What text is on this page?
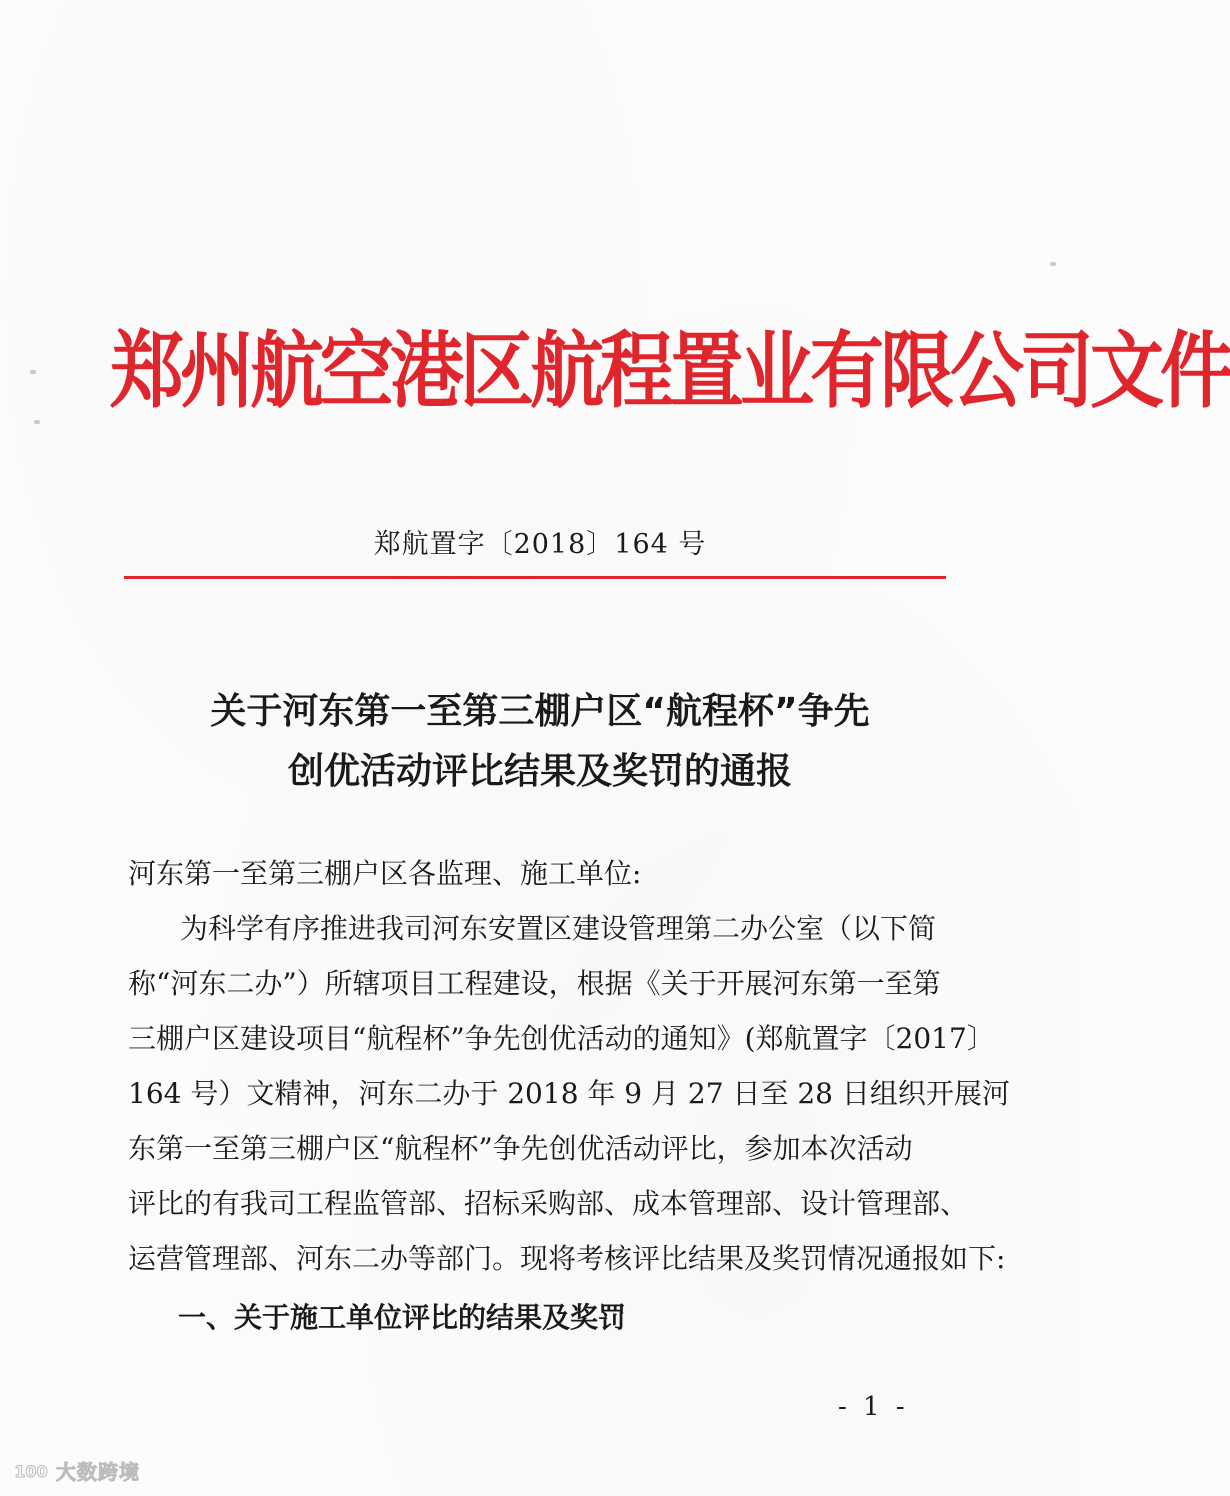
郑州航空港区航程置业有限公司文件
郑航置字〔2018〕164 号
关于河东第一至第三棚户区“航程杯”争先
创优活动评比结果及奖罚的通报
河东第一至第三棚户区各监理、施工单位:
为科学有序推进我司河东安置区建设管理第二办公室（以下简
称“河东二办”）所辖项目工程建设，根据《关于开展河东第一至第
三棚户区建设项目“航程杯”争先创优活动的通知》(郑航置字〔2017〕
164 号）文精神，河东二办于 2018 年 9 月 27 日至 28 日组织开展河
东第一至第三棚户区“航程杯”争先创优活动评比，参加本次活动
评比的有我司工程监管部、招标采购部、成本管理部、设计管理部、
运营管理部、河东二办等部门。现将考核评比结果及奖罚情况通报如下:
一、关于施工单位评比的结果及奖罚
- 1 -
100 大数跨境
